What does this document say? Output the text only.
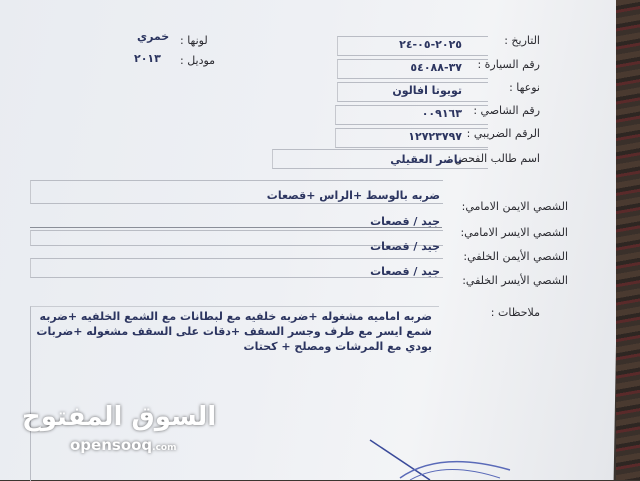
التاريخ :
رقم السيارة :
نوعها :
رقم الشاصي :
الرقم الضريبي :
اسم طالب الفحص :
٢٠٢٥-٠٥-٢٤
٣٧-٥٤٠٨٨
تويوتا افالون
٠٠٩١٦٣
١٢٧٢٣٧٩٧
ناصر العقيلي
لونها :
موديل :
خمري
٢٠١٣
الشصي الايمن الامامي:
الشصي الايسر الامامي:
الشصي الأيمن الخلفي:
الشصي الأيسر الخلفي:
ضربه بالوسط +الراس +قصعات
جيد / قصعات
جيد / قصعات
جيد / قصعات
ملاحظات :
ضربه اماميه مشغوله +ضربه خلفيه مع لبطانات مع الشمع الخلفيه +ضربه شمع ايسر مع طرف وجسر السقف +دقات على السقف مشغوله +ضربات بودي مع المرشات ومصلح + كحتات
السوق المفتوح
opensooq.com
